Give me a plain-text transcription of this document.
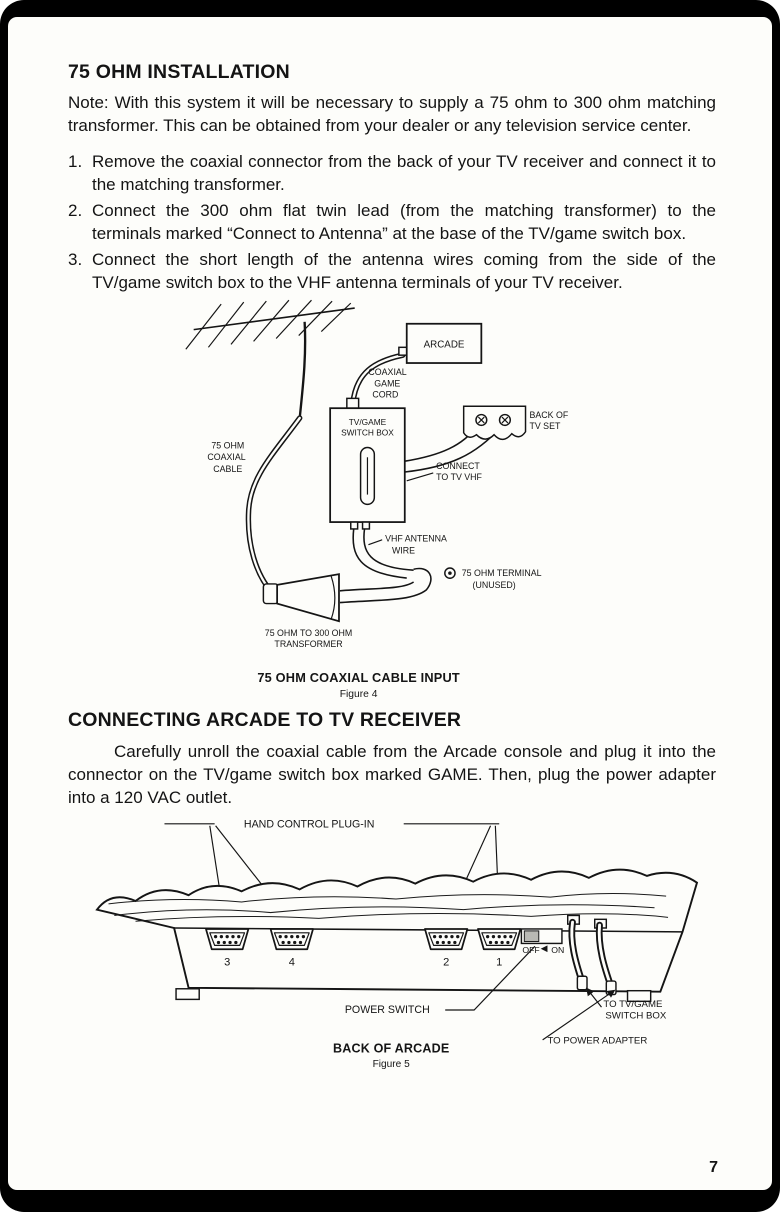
75 OHM INSTALLATION

Note: With this system it will be necessary to supply a 75 ohm to 300 ohm matching transformer. This can be obtained from your dealer or any television service center.

1. Remove the coaxial connector from the back of your TV receiver and connect it to the matching transformer.
2. Connect the 300 ohm flat twin lead (from the matching transformer) to the terminals marked “Connect to Antenna” at the base of the TV/game switch box.
3. Connect the short length of the antenna wires coming from the side of the TV/game switch box to the VHF antenna terminals of your TV receiver.
75 OHM
COAXIAL
CABLE
COAXIAL
GAME
CORD
ARCADE
TV/GAME
SWITCH BOX
BACK OF
TV SET
CONNECT
TO TV VHF
VHF ANTENNA
WIRE
75 OHM TERMINAL
(UNUSED)
75 OHM TO 300 OHM
TRANSFORMER
75 OHM COAXIAL CABLE INPUT
Figure 4
CONNECTING ARCADE TO TV RECEIVER

Carefully unroll the coaxial cable from the Arcade console and plug it into the connector on the TV/game switch box marked GAME. Then, plug the power adapter into a 120 VAC outlet.

HAND CONTROL PLUG-IN
3	4	2	1
OFF ON
POWER SWITCH	TO TV/GAME
SWITCH BOX
TO POWER ADAPTER
BACK OF ARCADE
Figure 5
7
